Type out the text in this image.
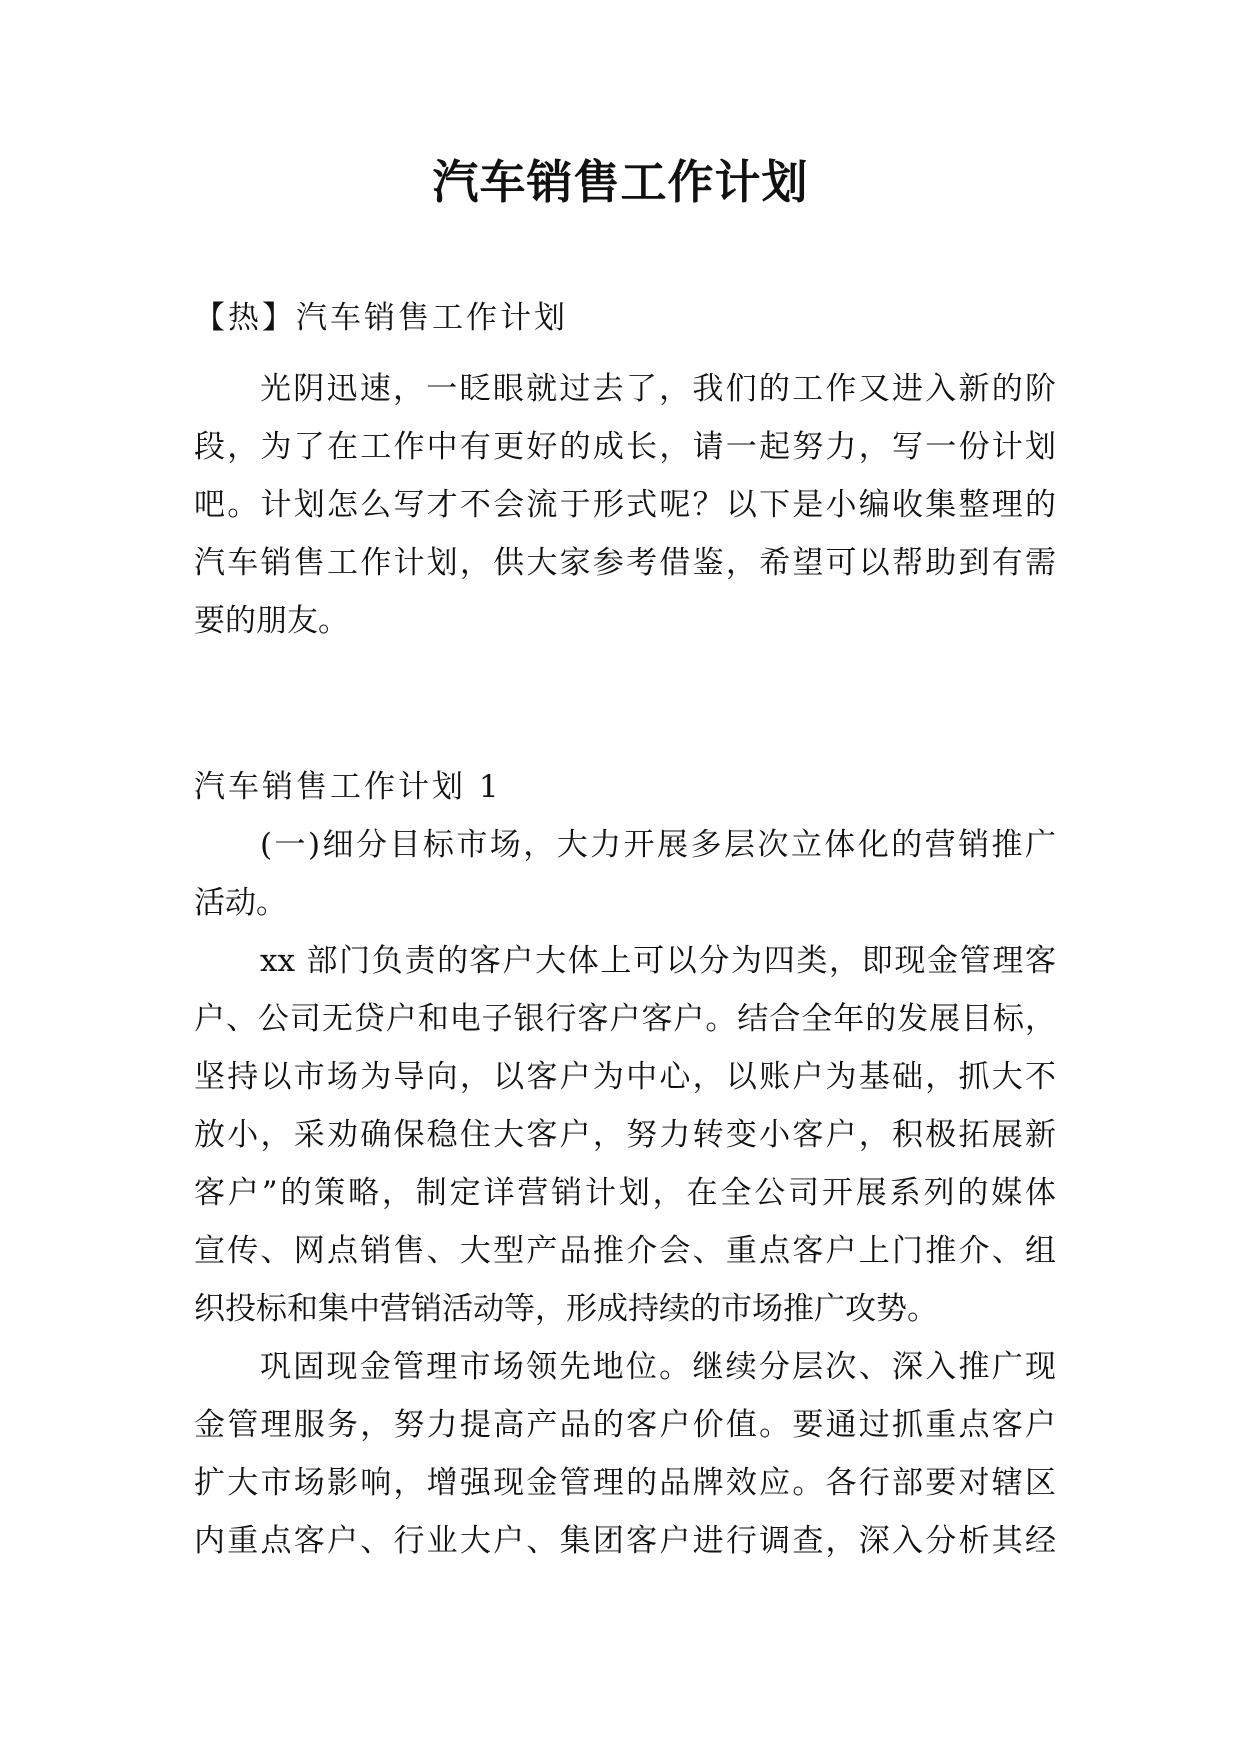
汽车销售工作计划

【热】汽车销售工作计划

光阴迅速，一眨眼就过去了，我们的工作又进入新的阶
段，为了在工作中有更好的成长，请一起努力，写一份计划
吧。计划怎么写才不会流于形式呢？以下是小编收集整理的
汽车销售工作计划，供大家参考借鉴，希望可以帮助到有需
要的朋友。

汽车销售工作计划 1

(一)细分目标市场，大力开展多层次立体化的营销推广
活动。
xx 部门负责的客户大体上可以分为四类，即现金管理客
户、公司无贷户和电子银行客户客户。结合全年的发展目标，
坚持以市场为导向，以客户为中心，以账户为基础，抓大不
放小，采劝确保稳住大客户，努力转变小客户，积极拓展新
客户”的策略，制定详营销计划，在全公司开展系列的媒体
宣传、网点销售、大型产品推介会、重点客户上门推介、组
织投标和集中营销活动等，形成持续的市场推广攻势。
巩固现金管理市场领先地位。继续分层次、深入推广现
金管理服务，努力提高产品的客户价值。要通过抓重点客户
扩大市场影响，增强现金管理的品牌效应。各行部要对辖区
内重点客户、行业大户、集团客户进行调查，深入分析其经
